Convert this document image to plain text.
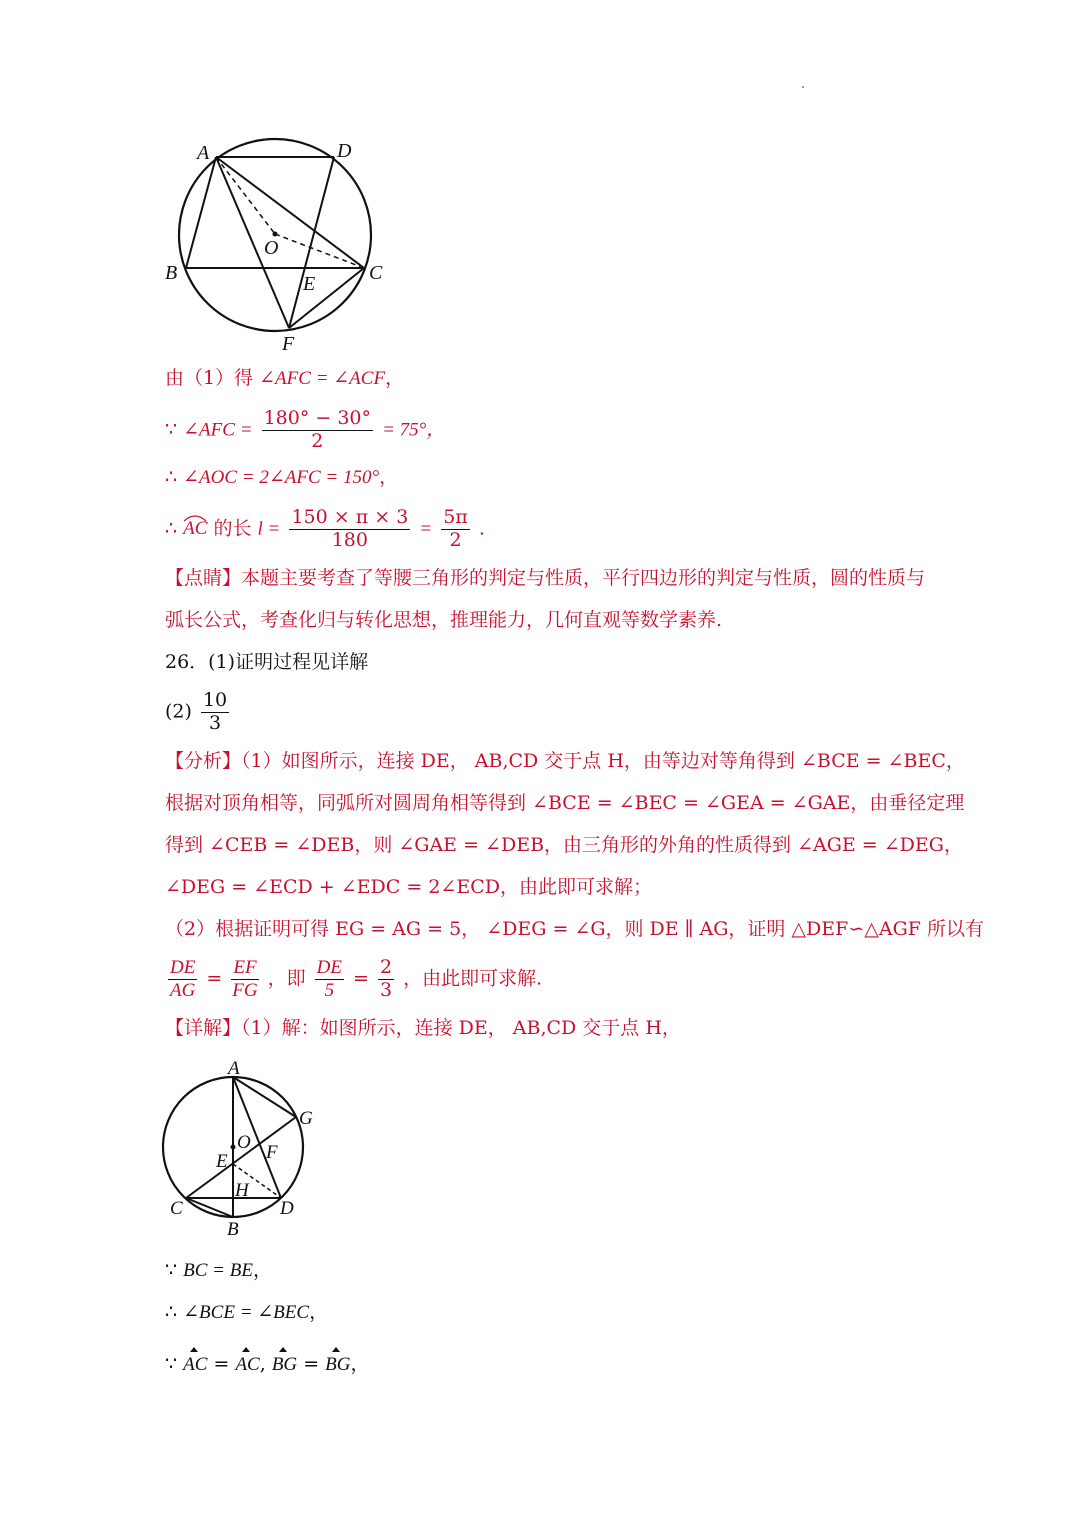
A	D
O
B	C
E
F
由（1）得 ∠AFC = ∠ACF，
∵ ∠AFC = $\frac{180^\circ - 30^\circ}{2} = 75^\circ$，
∴ ∠AOC = 2∠AFC = 150°，
∴ AC 的长 $l = \frac{150 \times \pi \times 3}{180} = \frac{5\pi}{2}$ .
【点睛】本题主要考查了等腰三角形的判定与性质，平行四边形的判定与性质，圆的性质与
弧长公式，考查化归与转化思想，推理能力，几何直观等数学素养.
26．(1)证明过程见详解
$(2) \frac{10}{3}$
【分析】（1）如图所示，连接 DE， AB,CD 交于点 H，由等边对等角得到 ∠BCE = ∠BEC，
根据对顶角相等，同弧所对圆周角相等得到 ∠BCE = ∠BEC = ∠GEA = ∠GAE，由垂径定理
得到 ∠CEB = ∠DEB，则 ∠GAE = ∠DEB，由三角形的外角的性质得到 ∠AGE = ∠DEG，
∠DEG = ∠ECD + ∠EDC = 2∠ECD，由此即可求解；
（2）根据证明可得 EG = AG = 5， ∠DEG = ∠G，则 DE ∥ AG，证明 △DEF∽△AGF 所以有
$\frac{DE}{AG} = \frac{EF}{FG}$ ，即 $\frac{DE}{5} = \frac{2}{3}$ ，由此即可求解.
【详解】（1）解：如图所示，连接 DE， AB,CD 交于点 H，
A
G
O F
E
H
C	D
B
∵ BC = BE，
∴ ∠BCE = ∠BEC，
∵ AC = AC, BG = BG，
